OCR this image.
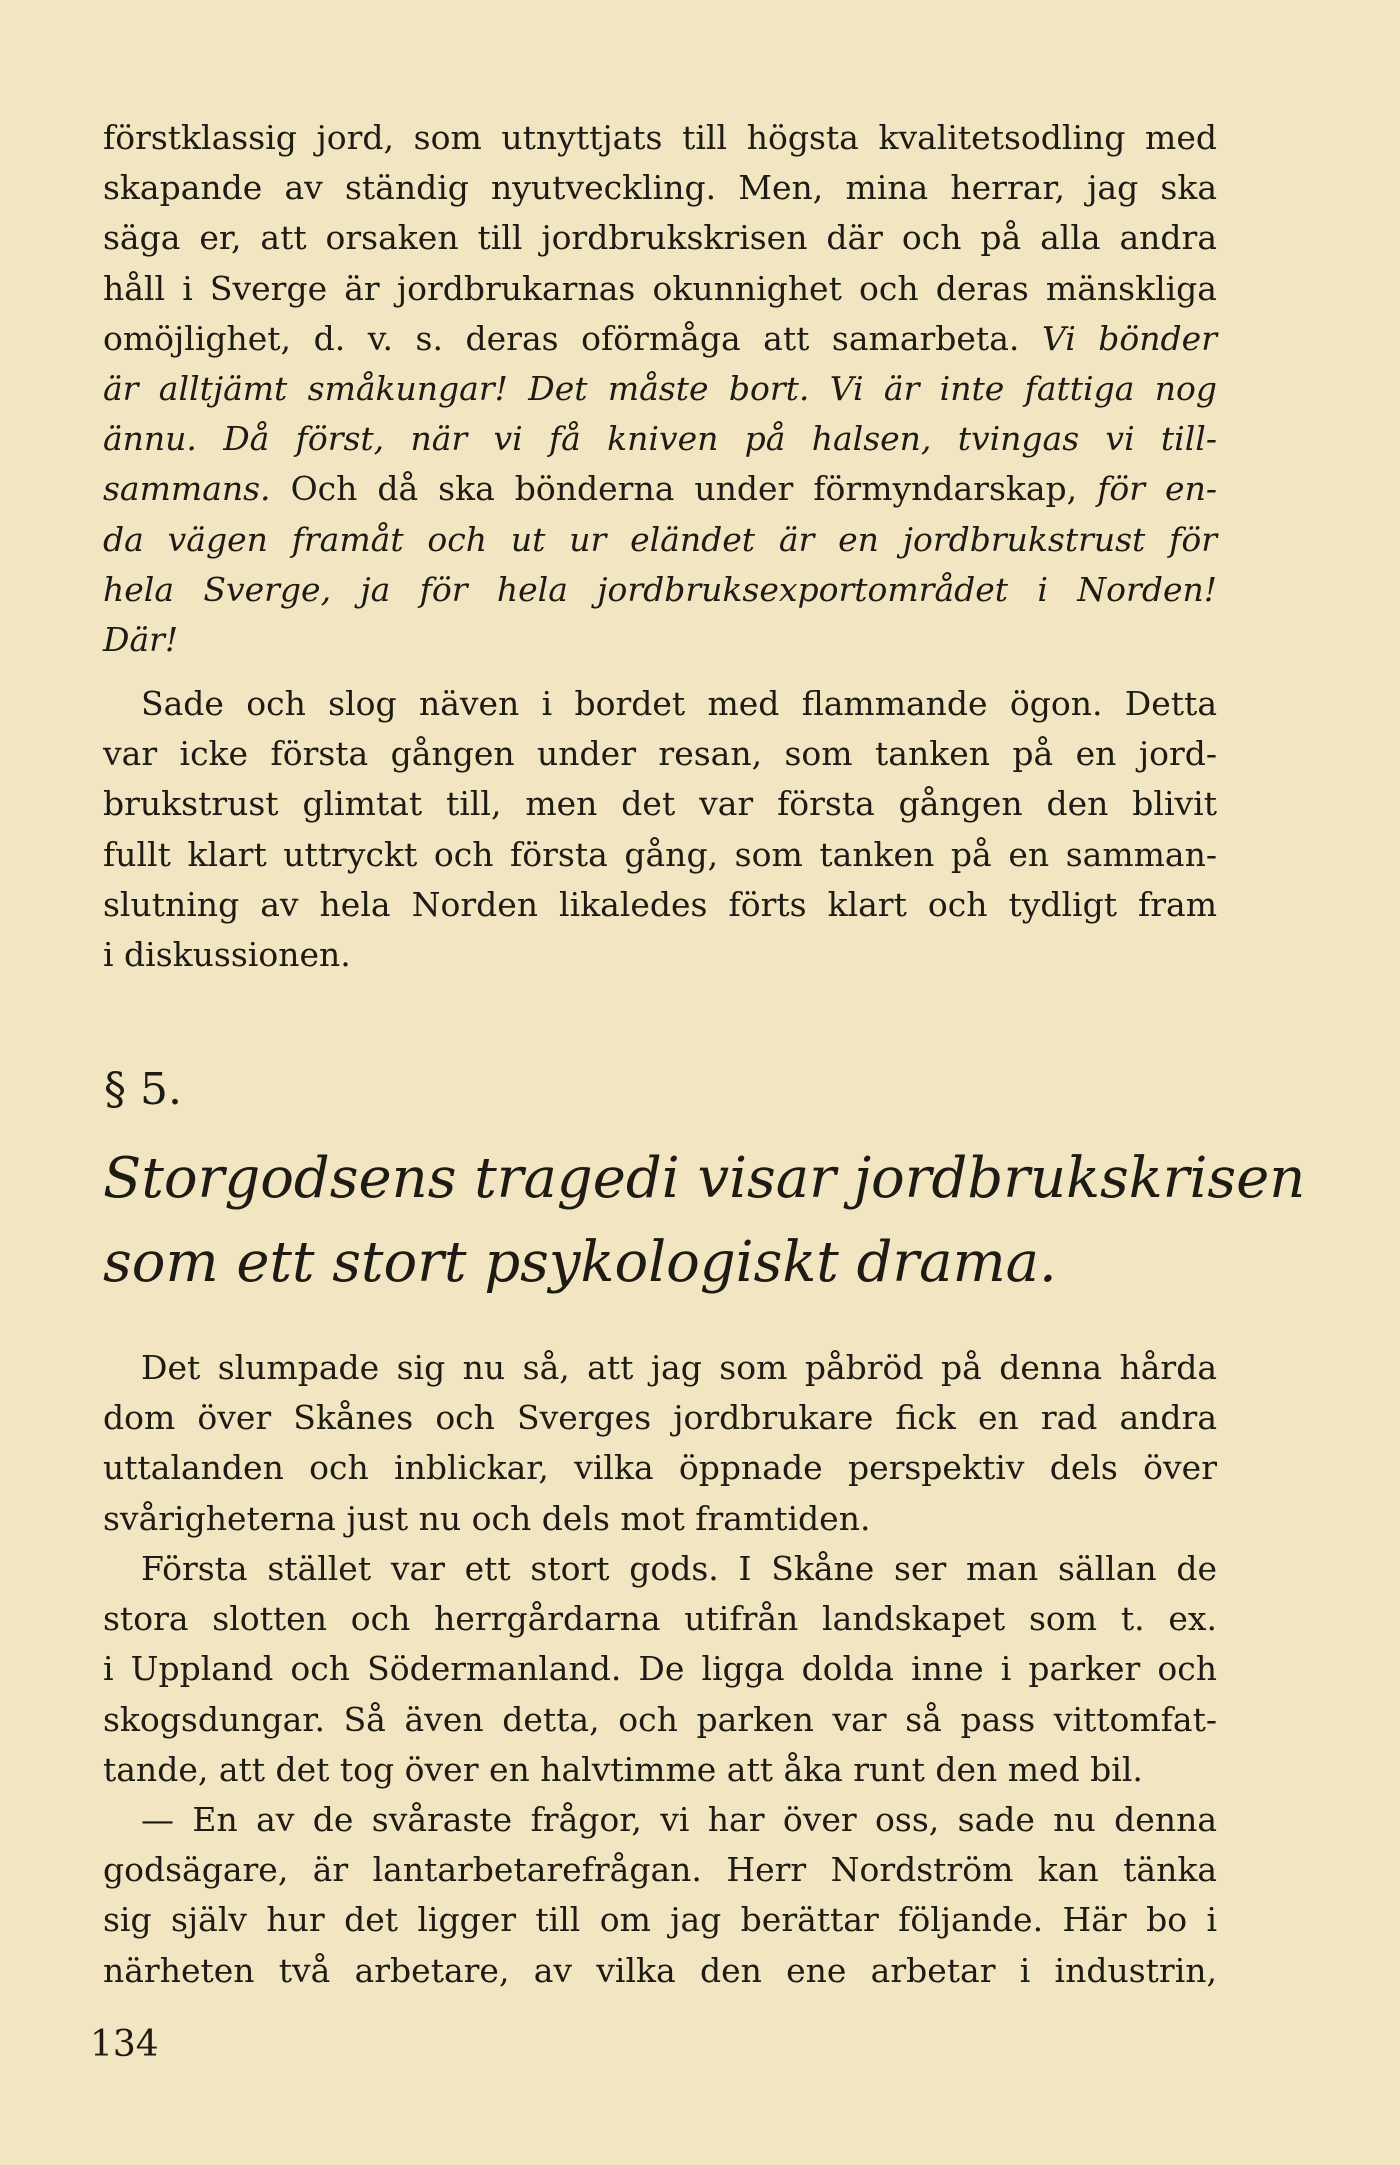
förstklassig jord, som utnyttjats till högsta kvalitetsodling med
skapande av ständig nyutveckling. Men, mina herrar, jag ska
säga er, att orsaken till jordbrukskrisen där och på alla andra
håll i Sverge är jordbrukarnas okunnighet och deras mänskliga
omöjlighet, d. v. s. deras oförmåga att samarbeta. Vi bönder
är alltjämt småkungar! Det måste bort. Vi är inte fattiga nog
ännu. Då först, när vi få kniven på halsen, tvingas vi till-
sammans. Och då ska bönderna under förmyndarskap, för en-
da vägen framåt och ut ur eländet är en jordbrukstrust för
hela Sverge, ja för hela jordbruksexportområdet i Norden!
Där!
Sade och slog näven i bordet med flammande ögon. Detta
var icke första gången under resan, som tanken på en jord-
brukstrust glimtat till, men det var första gången den blivit
fullt klart uttryckt och första gång, som tanken på en samman-
slutning av hela Norden likaledes förts klart och tydligt fram
i diskussionen.
§ 5.
Storgodsens tragedi visar jordbrukskrisen
som ett stort psykologiskt drama.
Det slumpade sig nu så, att jag som påbröd på denna hårda
dom över Skånes och Sverges jordbrukare fick en rad andra
uttalanden och inblickar, vilka öppnade perspektiv dels över
svårigheterna just nu och dels mot framtiden.
Första stället var ett stort gods. I Skåne ser man sällan de
stora slotten och herrgårdarna utifrån landskapet som t. ex.
i Uppland och Södermanland. De ligga dolda inne i parker och
skogsdungar. Så även detta, och parken var så pass vittomfat-
tande, att det tog över en halvtimme att åka runt den med bil.
— En av de svåraste frågor, vi har över oss, sade nu denna
godsägare, är lantarbetarefrågan. Herr Nordström kan tänka
sig själv hur det ligger till om jag berättar följande. Här bo i
närheten två arbetare, av vilka den ene arbetar i industrin,
134
